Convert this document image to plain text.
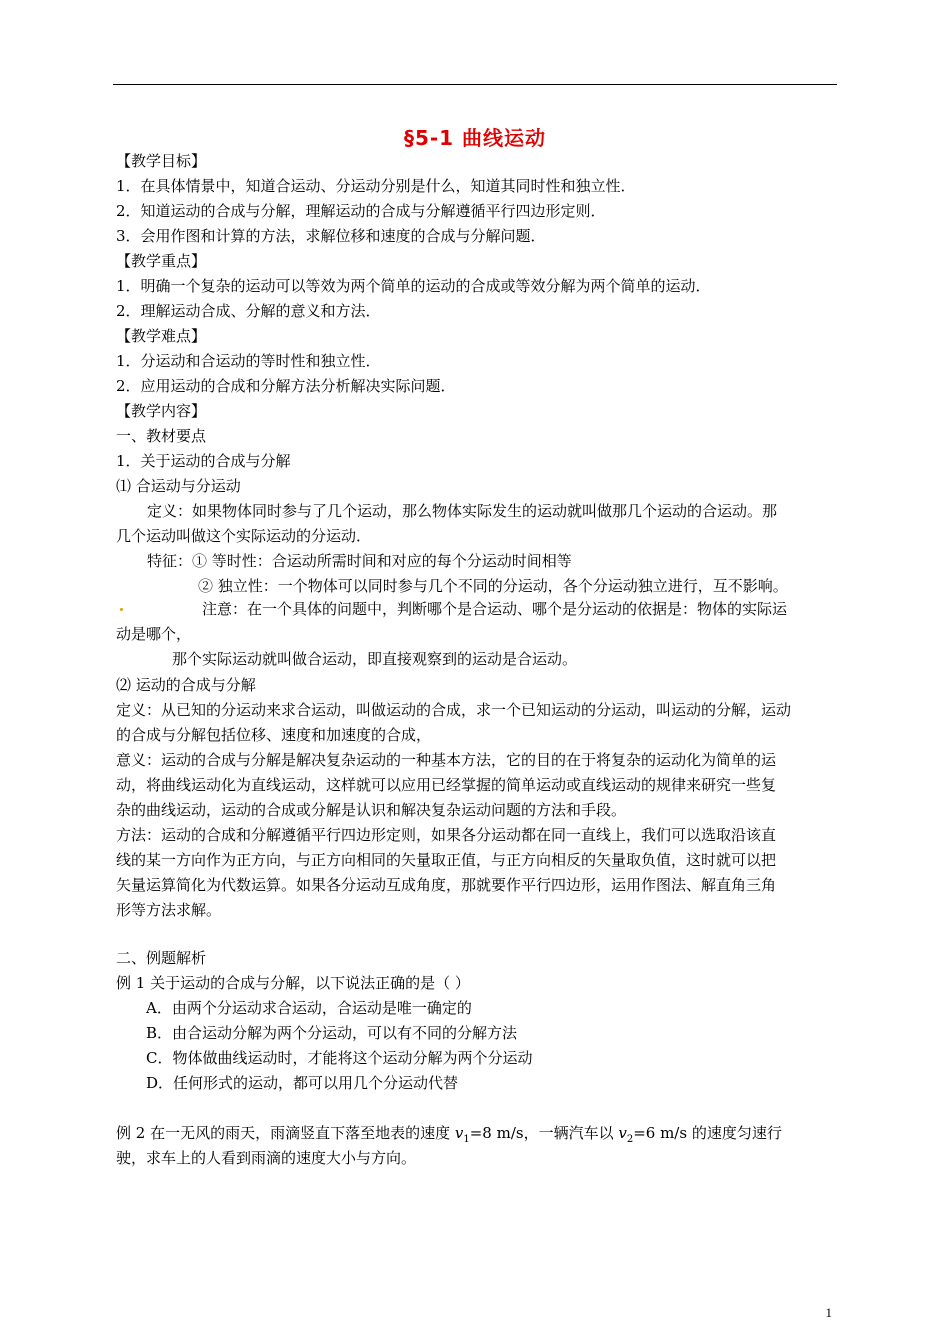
§5-1 曲线运动
【教学目标】
1．在具体情景中，知道合运动、分运动分别是什么，知道其同时性和独立性．
2．知道运动的合成与分解，理解运动的合成与分解遵循平行四边形定则．
3．会用作图和计算的方法，求解位移和速度的合成与分解问题．
【教学重点】
1．明确一个复杂的运动可以等效为两个简单的运动的合成或等效分解为两个简单的运动．
2．理解运动合成、分解的意义和方法．
【教学难点】
1．分运动和合运动的等时性和独立性．
2．应用运动的合成和分解方法分析解决实际问题．
【教学内容】
一、教材要点
1．关于运动的合成与分解
⑴ 合运动与分运动
定义：如果物体同时参与了几个运动，那么物体实际发生的运动就叫做那几个运动的合运动。那
几个运动叫做这个实际运动的分运动．
特征：① 等时性：合运动所需时间和对应的每个分运动时间相等
② 独立性：一个物体可以同时参与几个不同的分运动，各个分运动独立进行，互不影响。
注意：在一个具体的问题中，判断哪个是合运动、哪个是分运动的依据是：物体的实际运
动是哪个，
那个实际运动就叫做合运动，即直接观察到的运动是合运动。
⑵ 运动的合成与分解
定义：从已知的分运动来求合运动，叫做运动的合成，求一个已知运动的分运动，叫运动的分解，运动
的合成与分解包括位移、速度和加速度的合成，
意义：运动的合成与分解是解决复杂运动的一种基本方法，它的目的在于将复杂的运动化为简单的运
动，将曲线运动化为直线运动，这样就可以应用已经掌握的简单运动或直线运动的规律来研究一些复
杂的曲线运动，运动的合成或分解是认识和解决复杂运动问题的方法和手段。
方法：运动的合成和分解遵循平行四边形定则，如果各分运动都在同一直线上，我们可以选取沿该直
线的某一方向作为正方向，与正方向相同的矢量取正值，与正方向相反的矢量取负值，这时就可以把
矢量运算简化为代数运算。如果各分运动互成角度，那就要作平行四边形，运用作图法、解直角三角
形等方法求解。
二、例题解析
例 1 关于运动的合成与分解，以下说法正确的是（ ）
A．由两个分运动求合运动，合运动是唯一确定的
B．由合运动分解为两个分运动，可以有不同的分解方法
C．物体做曲线运动时，才能将这个运动分解为两个分运动
D．任何形式的运动，都可以用几个分运动代替
例 2 在一无风的雨天，雨滴竖直下落至地表的速度 $v_1=8$ m/s，一辆汽车以 $v_2=6$ m/s 的速度匀速行
驶，求车上的人看到雨滴的速度大小与方向。
1
